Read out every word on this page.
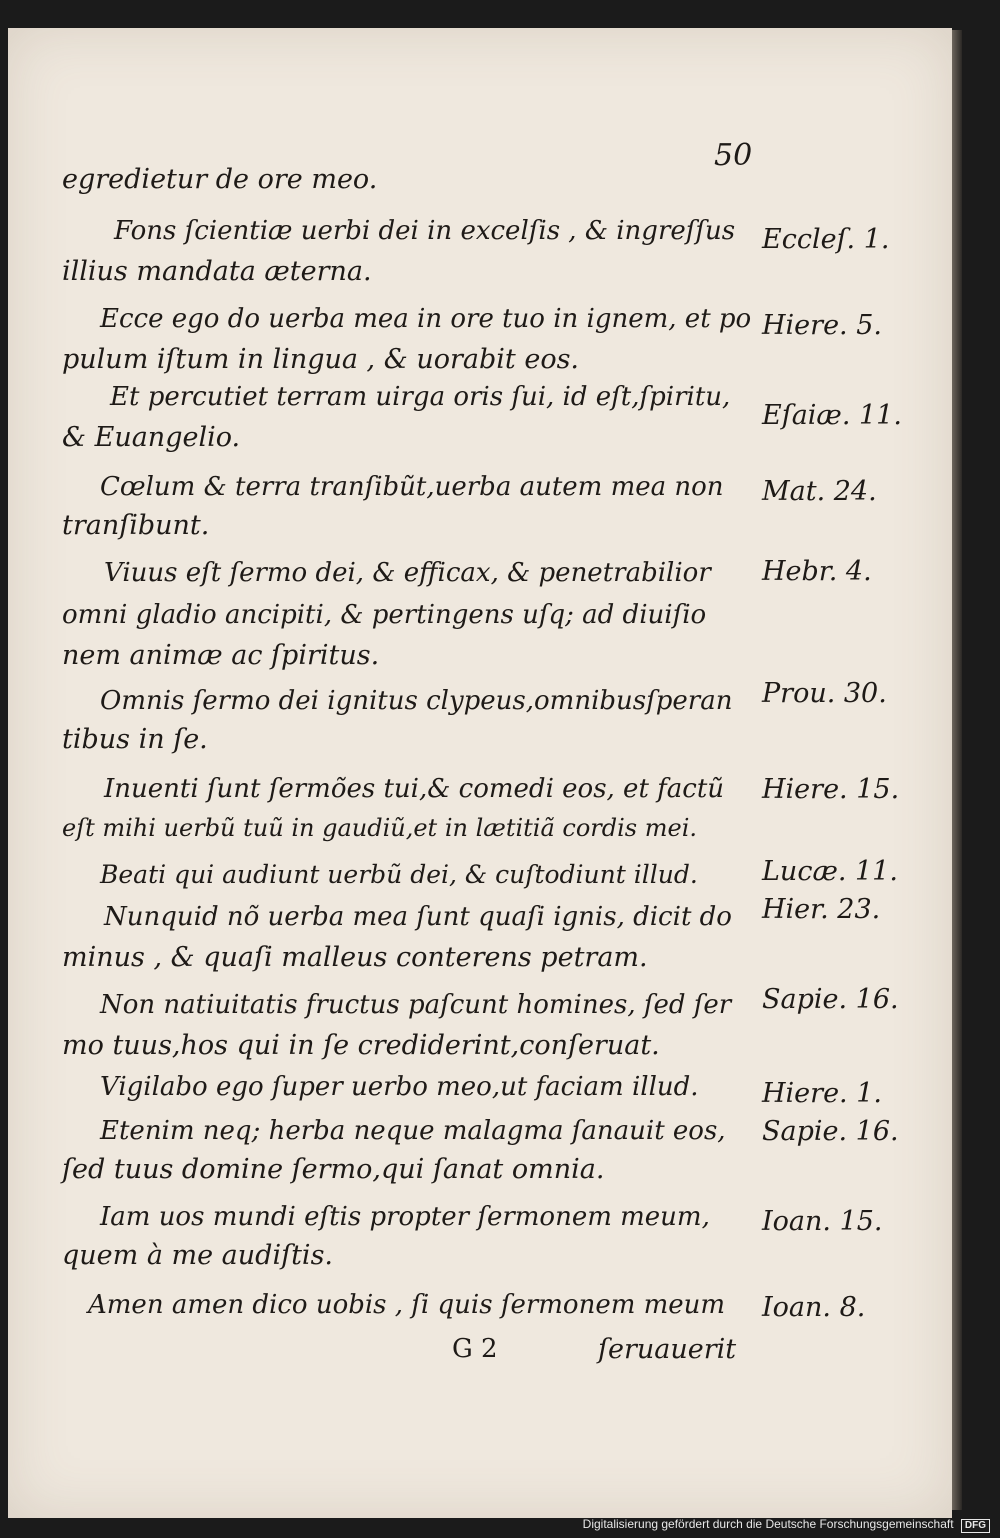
50
egredietur de ore meo.
Fons ſcientiæ uerbi dei in excelſis , & ingreſſus
illius mandata æterna.
Ecce ego do uerba mea in ore tuo in ignem, et po
pulum iſtum in lingua , & uorabit eos.
Et percutiet terram uirga oris ſui, id eſt,ſpiritu,
& Euangelio.
Cœlum & terra tranſibũt,uerba autem mea non
tranſibunt.
Viuus eſt ſermo dei, & efficax, & penetrabilior
omni gladio ancipiti, & pertingens uſq; ad diuiſio
nem animæ ac ſpiritus.
Omnis ſermo dei ignitus clypeus,omnibusſperan
tibus in ſe.
Inuenti ſunt ſermões tui,& comedi eos, et factũ
eſt mihi uerbũ tuũ in gaudiũ,et in lætitiã cordis mei.
Beati qui audiunt uerbũ dei, & cuſtodiunt illud.
Nunquid nõ uerba mea ſunt quaſi ignis, dicit do
minus , & quaſi malleus conterens petram.
Non natiuitatis fructus paſcunt homines, ſed ſer
mo tuus,hos qui in ſe crediderint,conſeruat.
Vigilabo ego ſuper uerbo meo,ut faciam illud.
Etenim neq; herba neque malagma ſanauit eos,
ſed tuus domine ſermo,qui ſanat omnia.
Iam uos mundi eſtis propter ſermonem meum,
quem à me audiſtis.
Amen amen dico uobis , ſi quis ſermonem meum
Ecclеſ. 1.
Hiere. 5.
Eſaiæ. 11.
Mat. 24.
Hebr. 4.
Prou. 30.
Hiere. 15.
Lucæ. 11.
Hier. 23.
Sapie. 16.
Hiere. 1.
Sapie. 16.
Ioan. 15.
Ioan. 8.
G 2	ſeruauerit
Digitalisierung gefördert durch die Deutsche Forschungsgemeinschaft DFG
